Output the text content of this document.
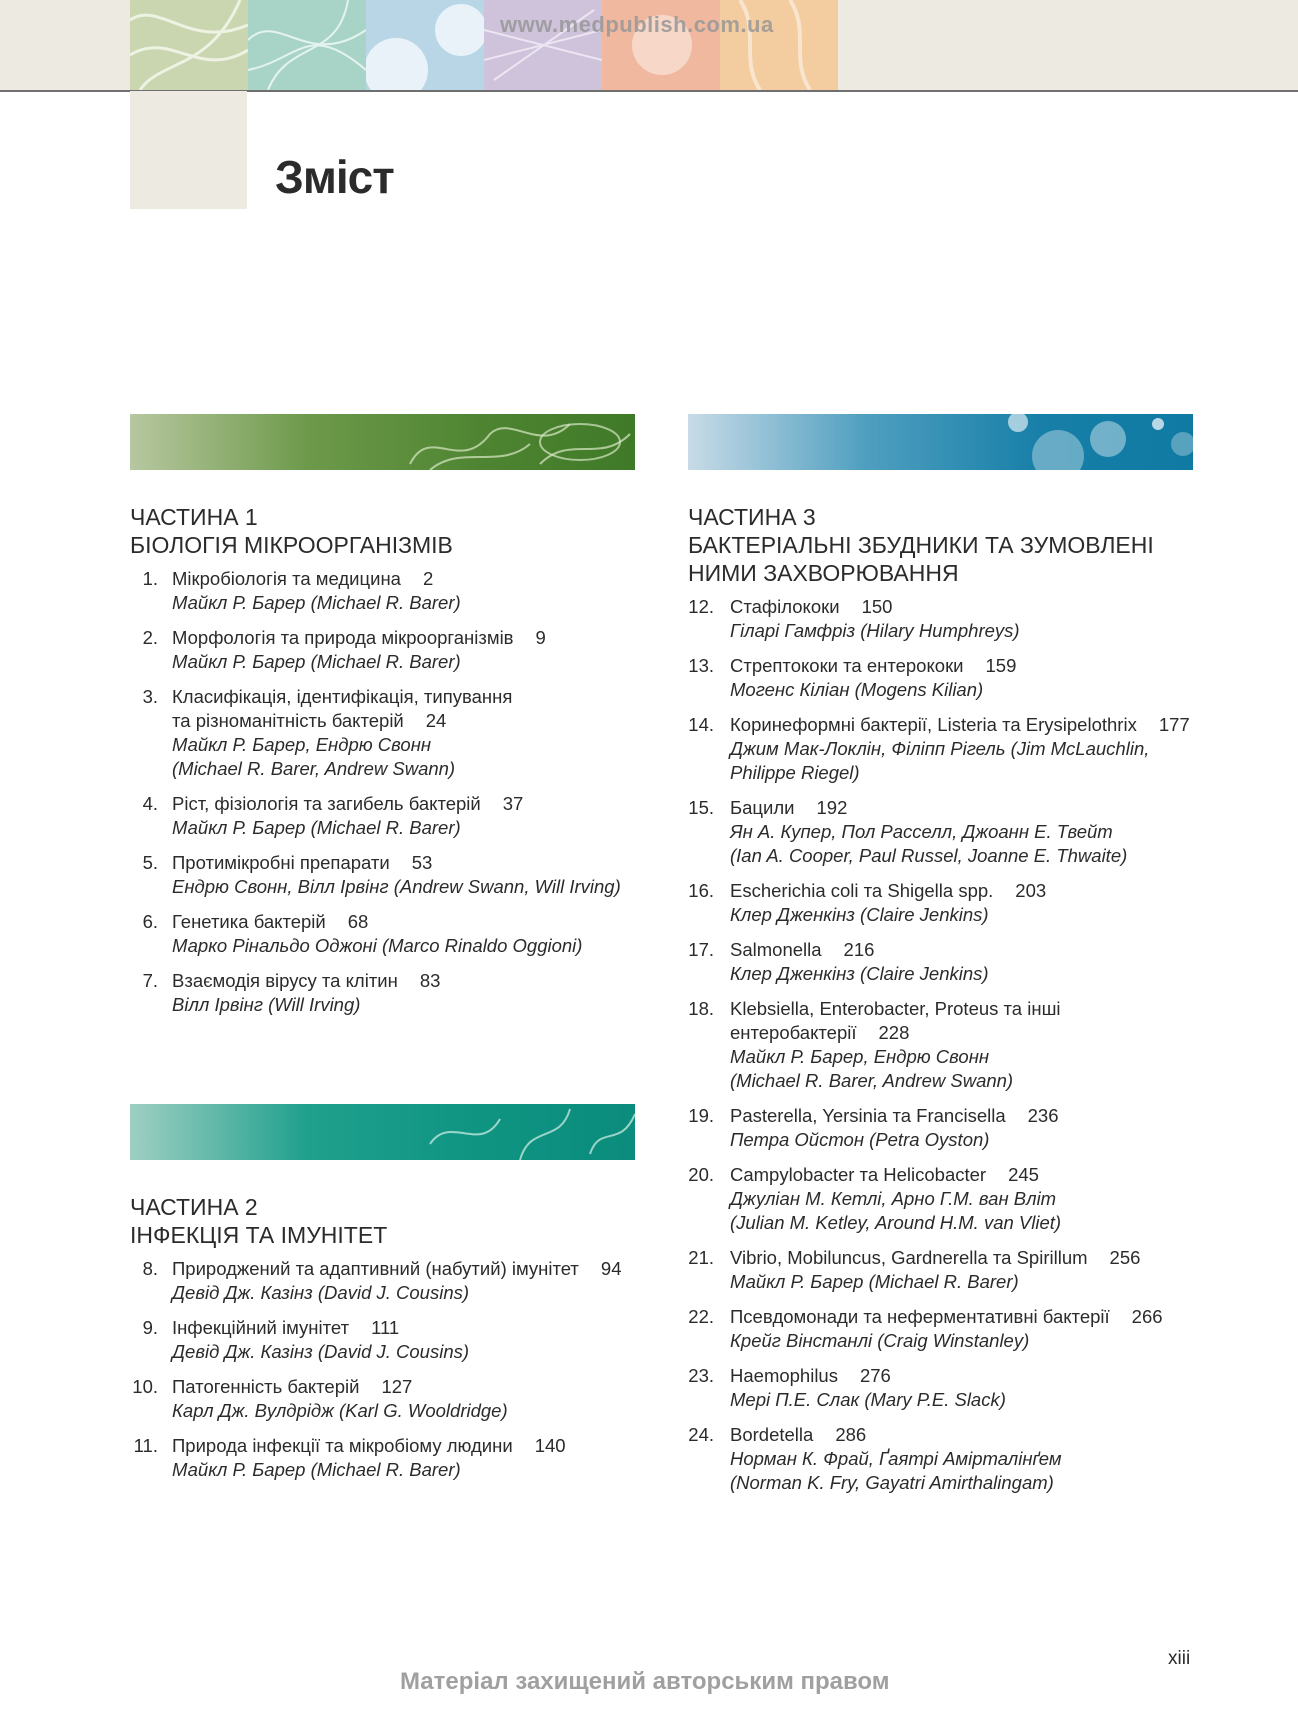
www.medpublish.com.ua
Зміст
ЧАСТИНА 1
БІОЛОГІЯ МІКРООРГАНІЗМІВ
1. Мікробіологія та медицина 2
Майкл Р. Барер (Michael R. Barer)
2. Морфологія та природа мікроорганізмів 9
Майкл Р. Барер (Michael R. Barer)
3. Класифікація, ідентифікація, типування
та різноманітність бактерій 24
Майкл Р. Барер, Ендрю Свонн
(Michael R. Barer, Andrew Swann)
4. Ріст, фізіологія та загибель бактерій 37
Майкл Р. Барер (Michael R. Barer)
5. Протимікробні препарати 53
Ендрю Свонн, Вілл Ірвінг (Andrew Swann, Will Irving)
6. Генетика бактерій 68
Марко Рінальдо Оджоні (Marco Rinaldo Oggioni)
7. Взаємодія вірусу та клітин 83
Вілл Ірвінг (Will Irving)
ЧАСТИНА 2
ІНФЕКЦІЯ ТА ІМУНІТЕТ
8. Природжений та адаптивний (набутий) імунітет 94
Девід Дж. Казінз (David J. Cousins)
9. Інфекційний імунітет 111
Девід Дж. Казінз (David J. Cousins)
10. Патогенність бактерій 127
Карл Дж. Вулдрідж (Karl G. Wooldridge)
11. Природа інфекції та мікробіому людини 140
Майкл Р. Барер (Michael R. Barer)
ЧАСТИНА 3
БАКТЕРІАЛЬНІ ЗБУДНИКИ ТА ЗУМОВЛЕНІ
НИМИ ЗАХВОРЮВАННЯ
12. Стафілококи 150
Гіларі Гамфріз (Hilary Humphreys)
13. Стрептококи та ентерококи 159
Могенс Кіліан (Mogens Kilian)
14. Коринеформні бактерії, Listeria та Erysipelothrix 177
Джим Мак-Локлін, Філіпп Рігель (Jim McLauchlin,
Philippe Riegel)
15. Бацили 192
Ян А. Купер, Пол Расселл, Джоанн Е. Твейт
(Ian A. Cooper, Paul Russel, Joanne E. Thwaite)
16. Escherichia coli та Shigella spp. 203
Клер Дженкінз (Claire Jenkins)
17. Salmonella 216
Клер Дженкінз (Claire Jenkins)
18. Klebsiella, Enterobacter, Proteus та інші
ентеробактерії 228
Майкл Р. Барер, Ендрю Свонн
(Michael R. Barer, Andrew Swann)
19. Pasterella, Yersinia та Francisella 236
Петра Ойстон (Petra Oyston)
20. Campylobacter та Helicobacter 245
Джуліан М. Кетлі, Арно Г.М. ван Вліт
(Julian M. Ketley, Around H.M. van Vliet)
21. Vibrio, Mobiluncus, Gardnerella та Spirillum 256
Майкл Р. Барер (Michael R. Barer)
22. Псевдомонади та неферментативні бактерії 266
Крейг Вінстанлі (Craig Winstanley)
23. Haemophilus 276
Мері П.Е. Слак (Mary P.E. Slack)
24. Bordetella 286
Норман К. Фрай, Ґаятрі Амірталінґем
(Norman K. Fry, Gayatri Amirthalingam)
xiii
Матеріал захищений авторським правом
